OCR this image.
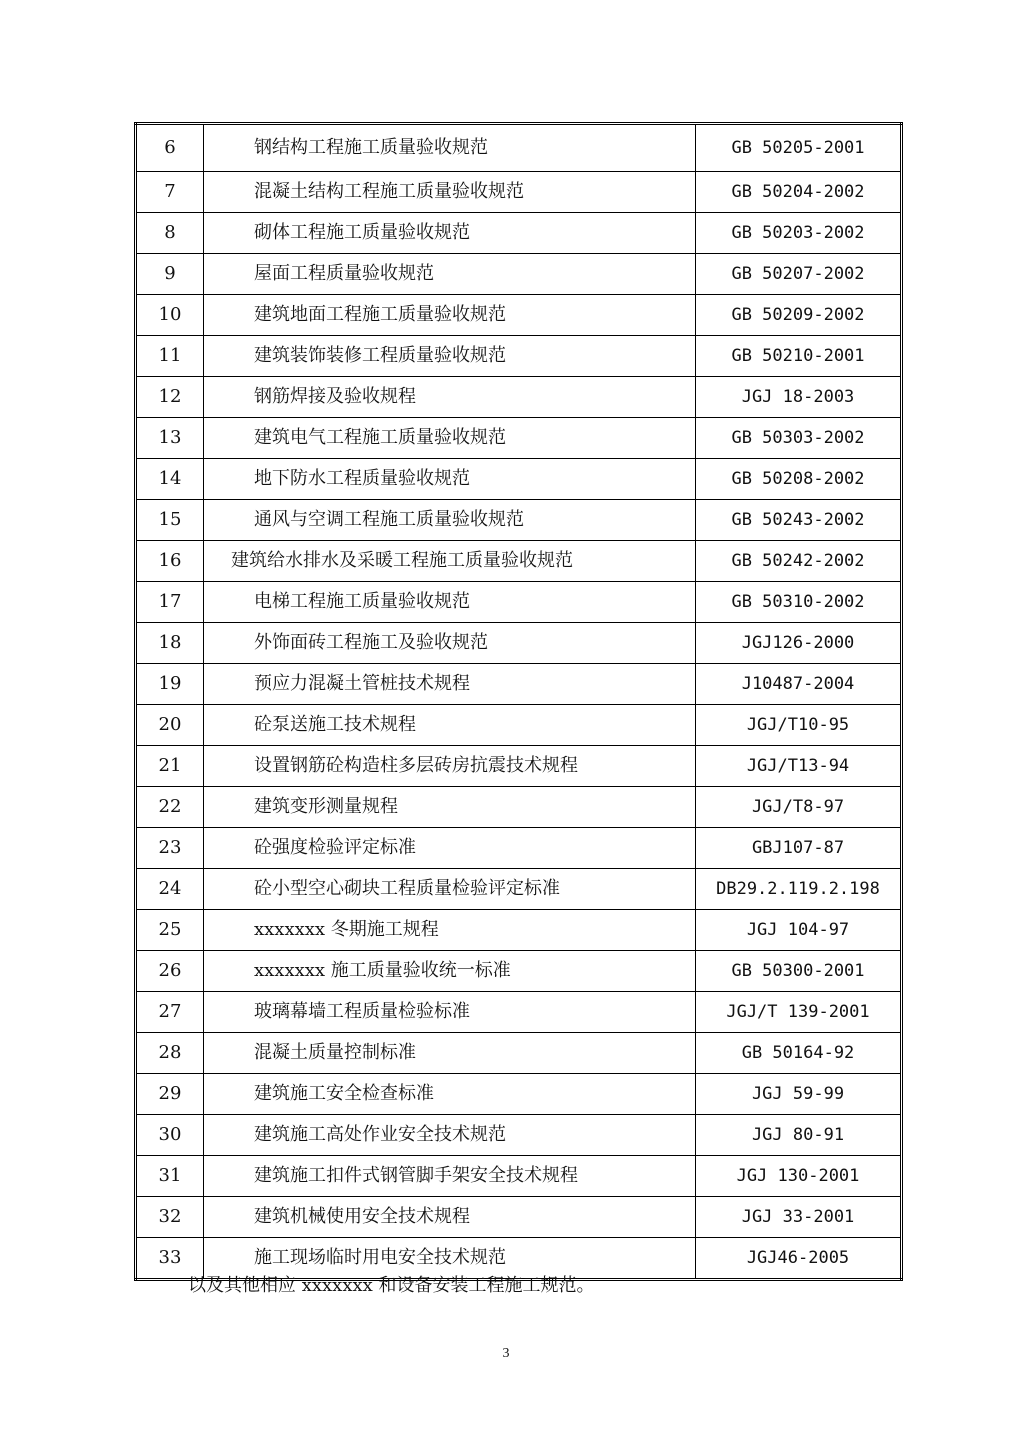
6	钢结构工程施工质量验收规范	GB 50205-2001
7	混凝土结构工程施工质量验收规范	GB 50204-2002
8	砌体工程施工质量验收规范	GB 50203-2002
9	屋面工程质量验收规范	GB 50207-2002
10	建筑地面工程施工质量验收规范	GB 50209-2002
11	建筑装饰装修工程质量验收规范	GB 50210-2001
12	钢筋焊接及验收规程	JGJ 18-2003
13	建筑电气工程施工质量验收规范	GB 50303-2002
14	地下防水工程质量验收规范	GB 50208-2002
15	通风与空调工程施工质量验收规范	GB 50243-2002
16	建筑给水排水及采暖工程施工质量验收规范	GB 50242-2002
17	电梯工程施工质量验收规范	GB 50310-2002
18	外饰面砖工程施工及验收规范	JGJ126-2000
19	预应力混凝土管桩技术规程	J10487-2004
20	砼泵送施工技术规程	JGJ/T10-95
21	设置钢筋砼构造柱多层砖房抗震技术规程	JGJ/T13-94
22	建筑变形测量规程	JGJ/T8-97
23	砼强度检验评定标准	GBJ107-87
24	砼小型空心砌块工程质量检验评定标准	DB29.2.119.2.198
25	xxxxxxx 冬期施工规程	JGJ 104-97
26	xxxxxxx 施工质量验收统一标准	GB 50300-2001
27	玻璃幕墙工程质量检验标准	JGJ/T 139-2001
28	混凝土质量控制标准	GB 50164-92
29	建筑施工安全检查标准	JGJ 59-99
30	建筑施工高处作业安全技术规范	JGJ 80-91
31	建筑施工扣件式钢管脚手架安全技术规程	JGJ 130-2001
32	建筑机械使用安全技术规程	JGJ 33-2001
33	施工现场临时用电安全技术规范	JGJ46-2005
以及其他相应 xxxxxxx 和设备安装工程施工规范。
3
